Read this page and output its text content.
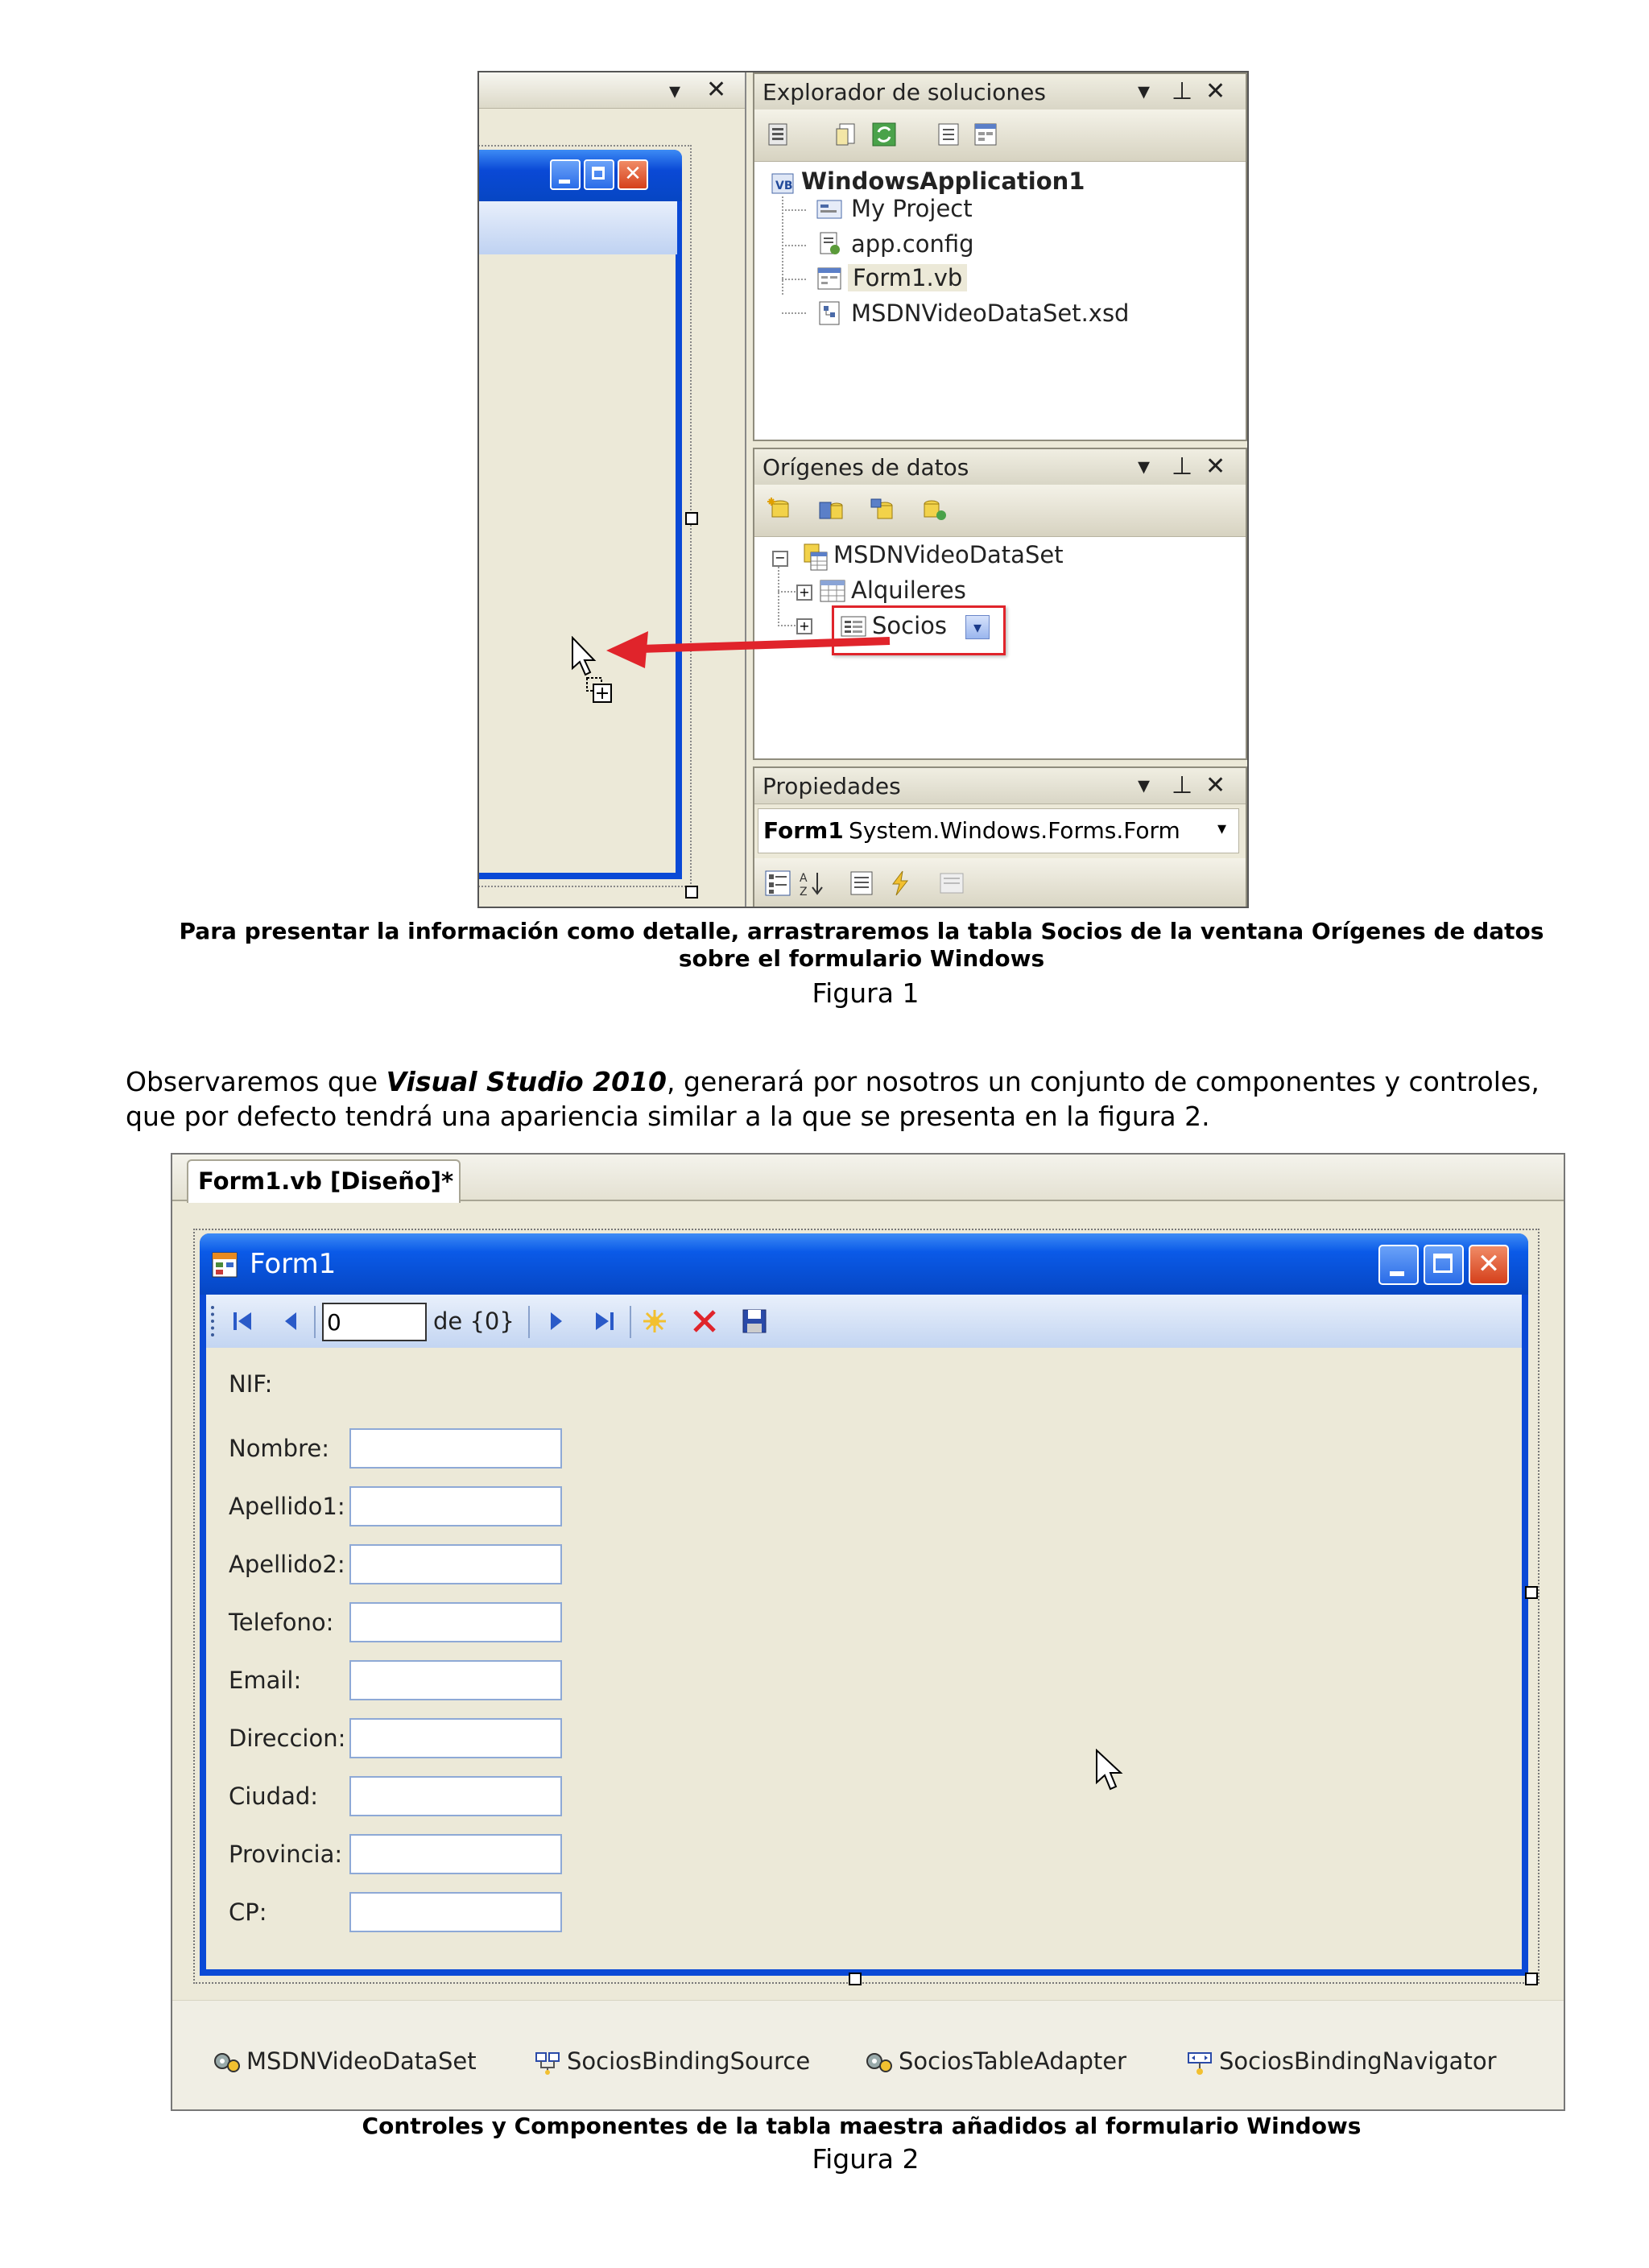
▾ ✕
✕
Explorador de soluciones	▾ ⊥ ✕
VB WindowsApplication1
My Project
app.config
Form1.vb
MSDNVideoDataSet.xsd
Orígenes de datos	▾ ⊥ ✕
− MSDNVideoDataSet
+ Alquileres
+	Socios	▾
Propiedades	▾ ⊥ ✕
Form1 System.Windows.Forms.Form ▾
A
Z
Para presentar la información como detalle, arrastraremos la tabla Socios de la ventana Orígenes de datos sobre el formulario Windows
Figura 1
Observaremos que Visual Studio 2010, generará por nosotros un conjunto de componentes y controles, que por defecto tendrá una apariencia similar a la que se presenta en la figura 2.
Form1.vb [Diseño]*
Form1	✕
0	de {0}
NIF:
Nombre:
Apellido1:
Apellido2:
Telefono:
Email:
Direccion:
Ciudad:
Provincia:
CP:
MSDNVideoDataSet	SociosBindingSource	SociosTableAdapter	SociosBindingNavigator
Controles y Componentes de la tabla maestra añadidos al formulario Windows
Figura 2
